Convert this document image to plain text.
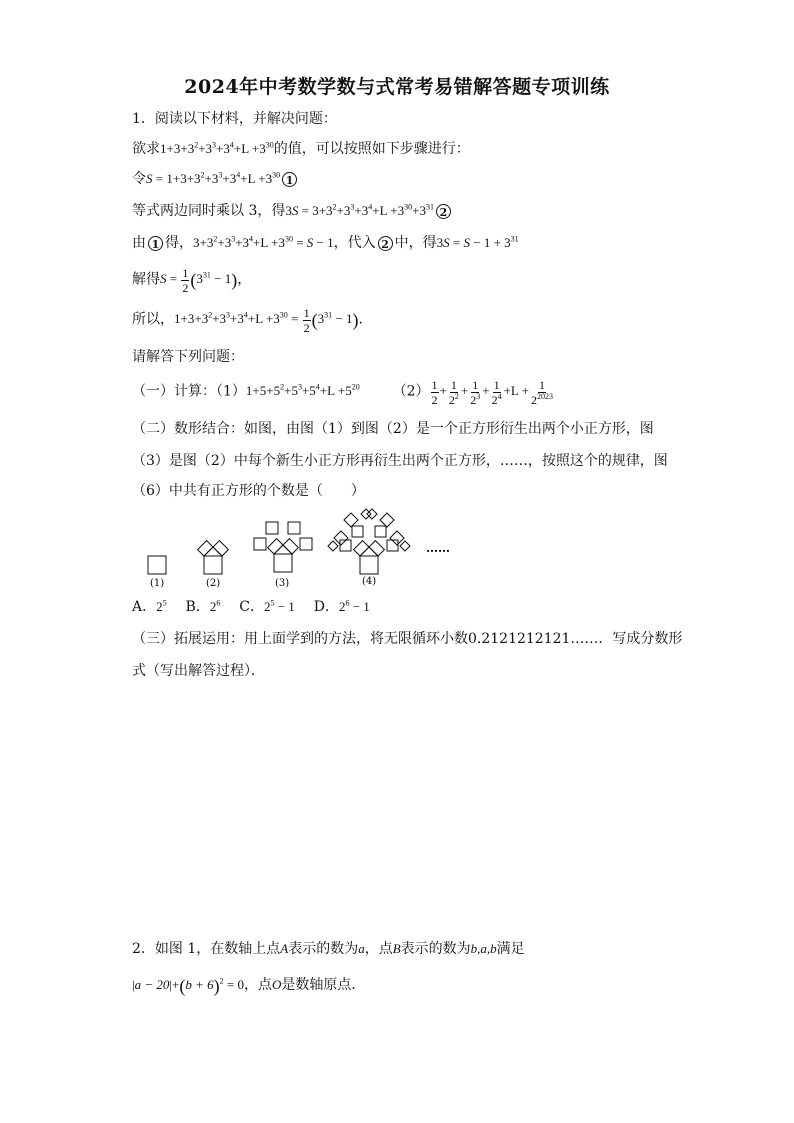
2024年中考数学数与式常考易错解答题专项训练
1．阅读以下材料，并解决问题：
欲求$1+3+3^2+3^3+3^4+L +3^{30}$的值，可以按照如下步骤进行：
令$S = 1+3+3^2+3^3+3^4+L +3^{30}$ 1
等式两边同时乘以 3，得$3S = 3+3^2+3^3+3^4+L +3^{30}+3^{31}$ 2
由 1 得，$3+3^2+3^3+3^4+L +3^{30} = S - 1$，代入 2 中，得$3S = S - 1 + 3^{31}$
解得$S = \frac{1}{2} (3^{31} - 1)$，
所以，$1+3+3^2+3^3+3^4+L +3^{30} = \frac{1}{2} (3^{31} - 1)$．
请解答下列问题：
（一）计算：$(1)1+5+5^2+5^3+5^4+L +5^{20}$ $(2) \frac{1}{2} + \frac{1}{2^2} + \frac{1}{2^3} + \frac{1}{2^4} +L + \frac{1}{2^{2023}}$
（二）数形结合：如图，由图（1）到图（2）是一个正方形衍生出两个小正方形，图
（3）是图（2）中每个新生小正方形再衍生出两个正方形，……，按照这个的规律，图
（6）中共有正方形的个数是（　　）
(1)	(2)	(3)	(4)
……
A．$2^5$ B．$2^6$ C．$2^5 - 1$ D．$2^6 - 1$
（三）拓展运用：用上面学到的方法，将无限循环小数0.2121212121……．写成分数形
式（写出解答过程）．
2．如图 1，在数轴上点A表示的数为a，点B表示的数为b,a,b满足
$|a - 20|+(b + 6)^2 = 0$，点O是数轴原点．
